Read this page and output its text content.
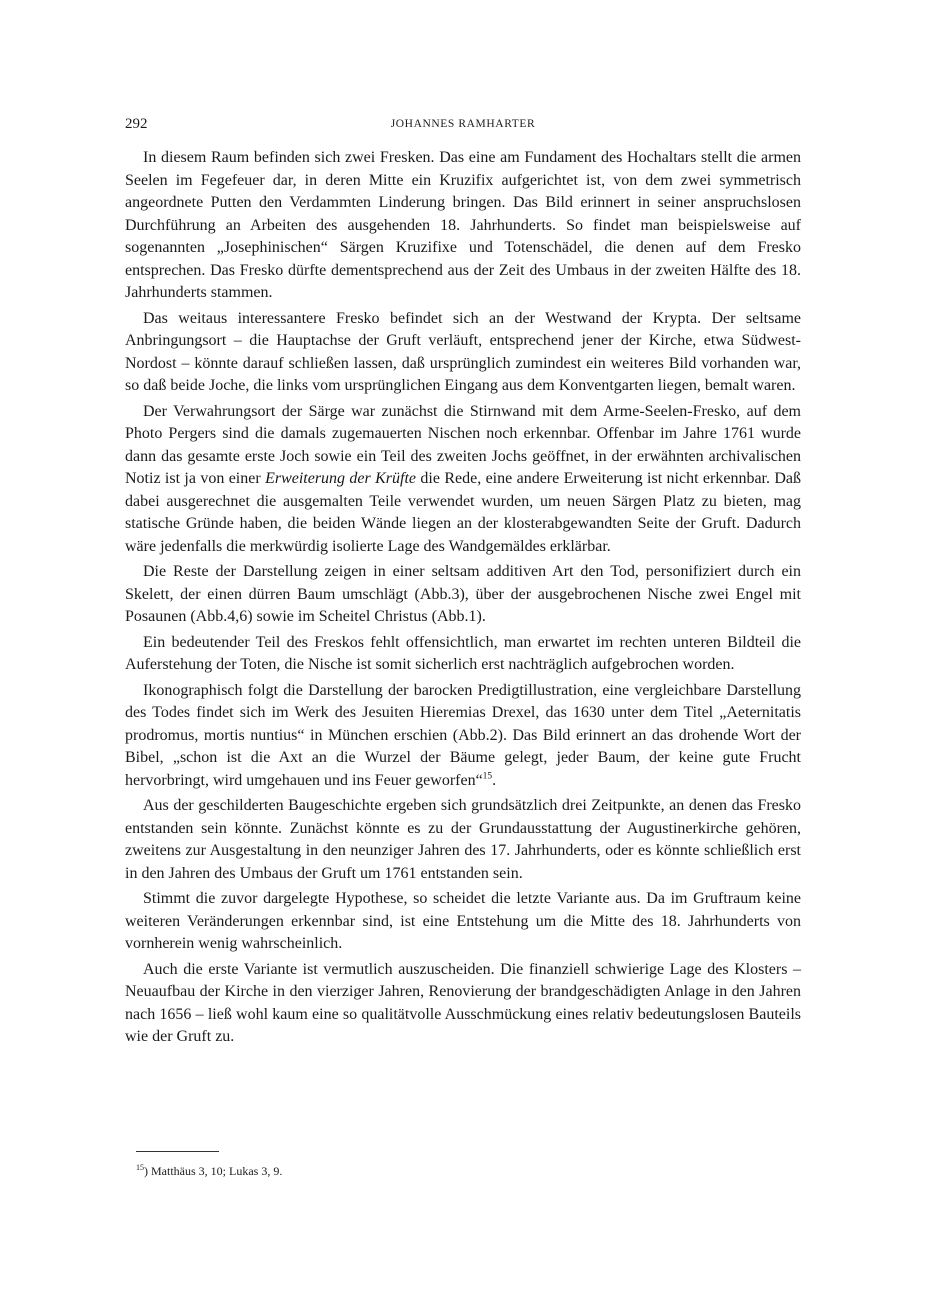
292	JOHANNES RAMHARTER

In diesem Raum befinden sich zwei Fresken. Das eine am Fundament des Hochaltars stellt die armen Seelen im Fegefeuer dar, in deren Mitte ein Kruzifix aufgerichtet ist, von dem zwei symmetrisch angeordnete Putten den Verdammten Linderung bringen. Das Bild erinnert in seiner anspruchslosen Durchführung an Arbeiten des ausgehenden 18. Jahrhunderts. So findet man beispielsweise auf sogenannten „Josephinischen“ Särgen Kruzifixe und Totenschädel, die denen auf dem Fresko entsprechen. Das Fresko dürfte dementsprechend aus der Zeit des Umbaus in der zweiten Hälfte des 18. Jahrhunderts stammen.

Das weitaus interessantere Fresko befindet sich an der Westwand der Krypta. Der seltsame Anbringungsort – die Hauptachse der Gruft verläuft, entsprechend jener der Kirche, etwa Südwest-Nordost – könnte darauf schließen lassen, daß ursprünglich zumindest ein weiteres Bild vorhanden war, so daß beide Joche, die links vom ursprünglichen Eingang aus dem Konventgarten liegen, bemalt waren.

Der Verwahrungsort der Särge war zunächst die Stirnwand mit dem Arme-Seelen-Fresko, auf dem Photo Pergers sind die damals zugemauerten Nischen noch erkennbar. Offenbar im Jahre 1761 wurde dann das gesamte erste Joch sowie ein Teil des zweiten Jochs geöffnet, in der erwähnten archivalischen Notiz ist ja von einer Erweiterung der Krüfte die Rede, eine andere Erweiterung ist nicht erkennbar. Daß dabei ausgerechnet die ausgemalten Teile verwendet wurden, um neuen Särgen Platz zu bieten, mag statische Gründe haben, die beiden Wände liegen an der klosterabgewandten Seite der Gruft. Dadurch wäre jedenfalls die merkwürdig isolierte Lage des Wandgemäldes erklärbar.

Die Reste der Darstellung zeigen in einer seltsam additiven Art den Tod, personifiziert durch ein Skelett, der einen dürren Baum umschlägt (Abb.3), über der ausgebrochenen Nische zwei Engel mit Posaunen (Abb.4,6) sowie im Scheitel Christus (Abb.1).

Ein bedeutender Teil des Freskos fehlt offensichtlich, man erwartet im rechten unteren Bildteil die Auferstehung der Toten, die Nische ist somit sicherlich erst nachträglich aufgebrochen worden.

Ikonographisch folgt die Darstellung der barocken Predigtillustration, eine vergleichbare Darstellung des Todes findet sich im Werk des Jesuiten Hieremias Drexel, das 1630 unter dem Titel „Aeternitatis prodromus, mortis nuntius“ in München erschien (Abb.2). Das Bild erinnert an das drohende Wort der Bibel, „schon ist die Axt an die Wurzel der Bäume gelegt, jeder Baum, der keine gute Frucht hervorbringt, wird umgehauen und ins Feuer geworfen“$^{15}$.

Aus der geschilderten Baugeschichte ergeben sich grundsätzlich drei Zeitpunkte, an denen das Fresko entstanden sein könnte. Zunächst könnte es zu der Grundausstattung der Augustinerkirche gehören, zweitens zur Ausgestaltung in den neunziger Jahren des 17. Jahrhunderts, oder es könnte schließlich erst in den Jahren des Umbaus der Gruft um 1761 entstanden sein.

Stimmt die zuvor dargelegte Hypothese, so scheidet die letzte Variante aus. Da im Gruftraum keine weiteren Veränderungen erkennbar sind, ist eine Entstehung um die Mitte des 18. Jahrhunderts von vornherein wenig wahrscheinlich.

Auch die erste Variante ist vermutlich auszuscheiden. Die finanziell schwierige Lage des Klosters – Neuaufbau der Kirche in den vierziger Jahren, Renovierung der brandgeschädigten Anlage in den Jahren nach 1656 – ließ wohl kaum eine so qualitätvolle Ausschmückung eines relativ bedeutungslosen Bauteils wie der Gruft zu.

$^{15}$) Matthäus 3, 10; Lukas 3, 9.
